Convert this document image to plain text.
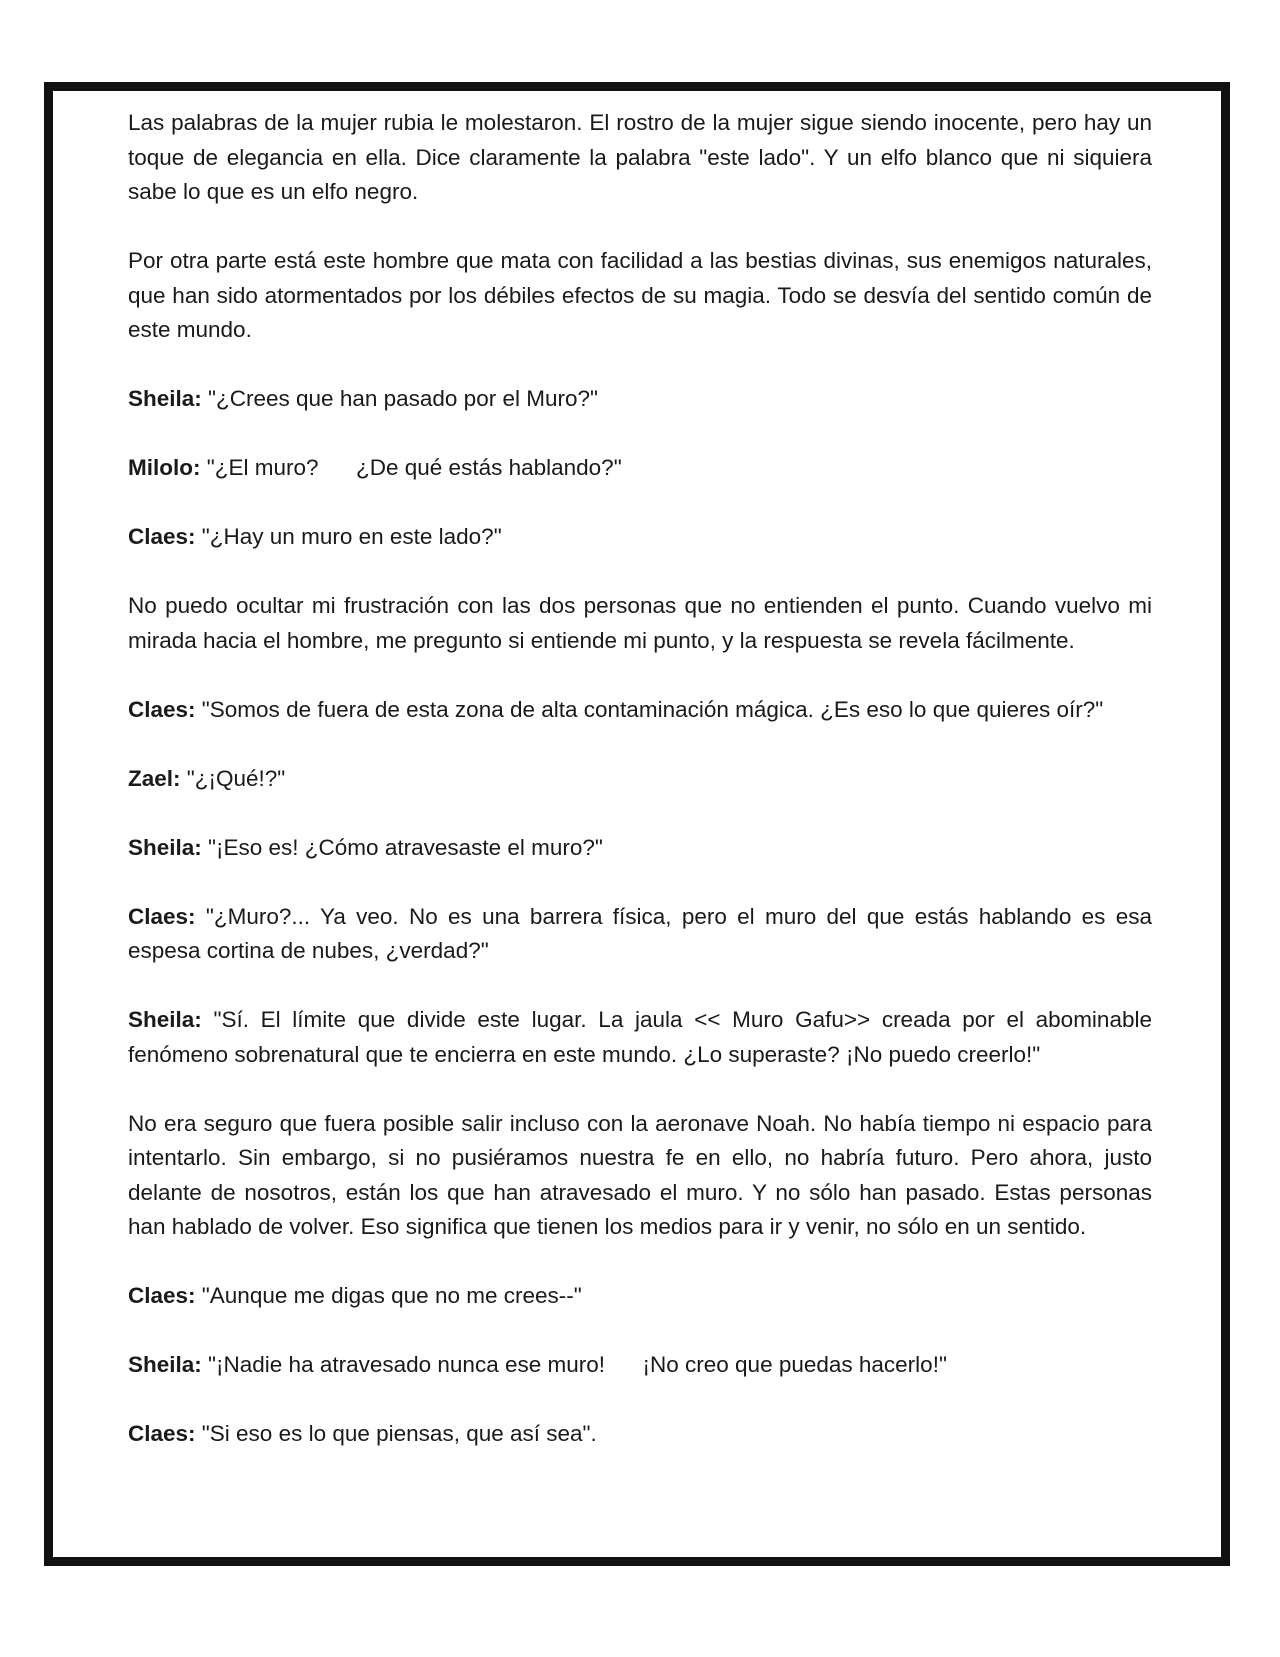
Las palabras de la mujer rubia le molestaron. El rostro de la mujer sigue siendo inocente, pero hay un toque de elegancia en ella. Dice claramente la palabra "este lado". Y un elfo blanco que ni siquiera sabe lo que es un elfo negro.

Por otra parte está este hombre que mata con facilidad a las bestias divinas, sus enemigos naturales, que han sido atormentados por los débiles efectos de su magia. Todo se desvía del sentido común de este mundo.

Sheila: "¿Crees que han pasado por el Muro?"

Milolo: "¿El muro?      ¿De qué estás hablando?"

Claes: "¿Hay un muro en este lado?"

No puedo ocultar mi frustración con las dos personas que no entienden el punto. Cuando vuelvo mi mirada hacia el hombre, me pregunto si entiende mi punto, y la respuesta se revela fácilmente.

Claes: "Somos de fuera de esta zona de alta contaminación mágica. ¿Es eso lo que quieres oír?"

Zael: "¿¡Qué!?"

Sheila: "¡Eso es! ¿Cómo atravesaste el muro?"

Claes: "¿Muro?... Ya veo. No es una barrera física, pero el muro del que estás hablando es esa espesa cortina de nubes, ¿verdad?"

Sheila: "Sí. El límite que divide este lugar. La jaula << Muro Gafu>> creada por el abominable fenómeno sobrenatural que te encierra en este mundo. ¿Lo superaste? ¡No puedo creerlo!"

No era seguro que fuera posible salir incluso con la aeronave Noah. No había tiempo ni espacio para intentarlo. Sin embargo, si no pusiéramos nuestra fe en ello, no habría futuro. Pero ahora, justo delante de nosotros, están los que han atravesado el muro. Y no sólo han pasado. Estas personas han hablado de volver. Eso significa que tienen los medios para ir y venir, no sólo en un sentido.

Claes: "Aunque me digas que no me crees--"

Sheila: "¡Nadie ha atravesado nunca ese muro!      ¡No creo que puedas hacerlo!"

Claes: "Si eso es lo que piensas, que así sea".
